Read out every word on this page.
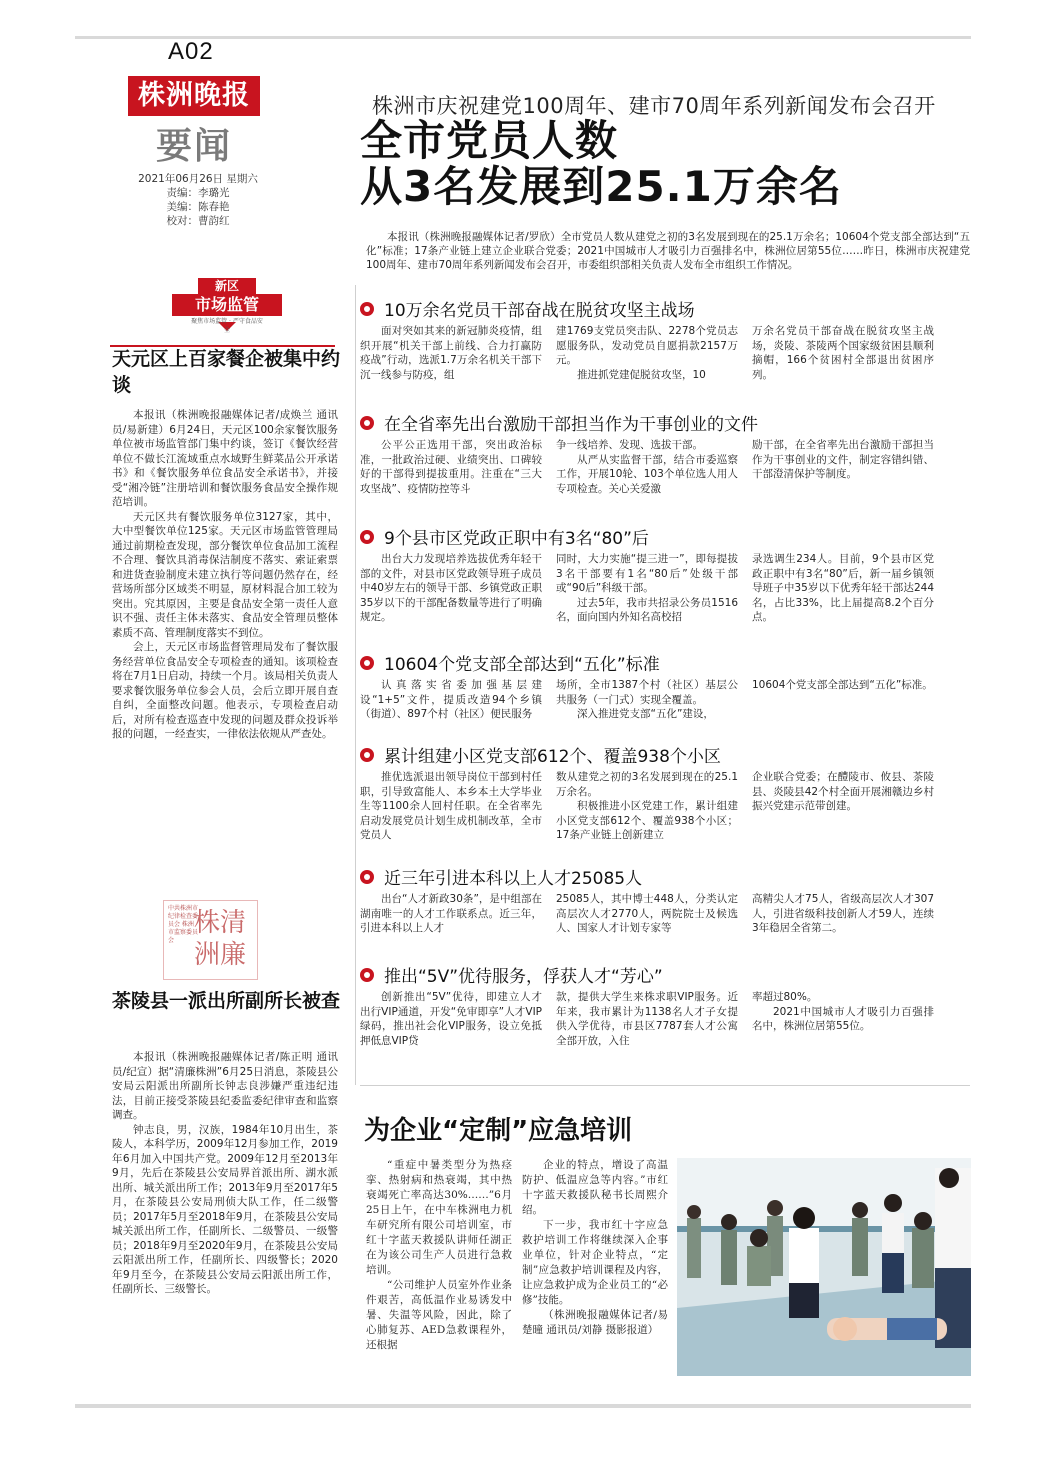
A02
株洲晚报
要闻
2021年06月26日 星期六
责编：李璐光
美编：陈春艳
校对：曹韵红
株洲市庆祝建党100周年、建市70周年系列新闻发布会召开
全市党员人数
从3名发展到25.1万余名
本报讯（株洲晚报融媒体记者/罗欣）全市党员人数从建党之初的3名发展到现在的25.1万余名；10604个党支部全部达到“五化”标准；17条产业链上建立企业联合党委；2021中国城市人才吸引力百强排名中，株洲位居第55位……昨日，株洲市庆祝建党100周年、建市70周年系列新闻发布会召开，市委组织部相关负责人发布全市组织工作情况。
10万余名党员干部奋战在脱贫攻坚主战场
面对突如其来的新冠肺炎疫情，组织开展“机关干部上前线、合力打赢防疫战”行动，选派1.7万余名机关干部下沉一线参与防疫，组
建1769支党员突击队、2278个党员志愿服务队，发动党员自愿捐款2157万元。
推进抓党建促脱贫攻坚，10
万余名党员干部奋战在脱贫攻坚主战场，炎陵、茶陵两个国家级贫困县顺利摘帽，166个贫困村全部退出贫困序列。
在全省率先出台激励干部担当作为干事创业的文件
公平公正选用干部，突出政治标准，一批政治过硬、业绩突出、口碑较好的干部得到提拔重用。注重在“三大攻坚战”、疫情防控等斗
争一线培养、发现、选拔干部。
从严从实监督干部，结合市委巡察工作，开展10轮、103个单位选人用人专项检查。关心关爱激
励干部，在全省率先出台激励干部担当作为干事创业的文件，制定容错纠错、干部澄清保护等制度。
9个县市区党政正职中有3名“80”后
出台大力发现培养选拔优秀年轻干部的文件，对县市区党政领导班子成员中40岁左右的领导干部、乡镇党政正职35岁以下的干部配备数量等进行了明确规定。
同时，大力实施“提三进一”，即每提拔3名干部要有1名“80后”处级干部或“90后”科级干部。
过去5年，我市共招录公务员1516名，面向国内外知名高校招
录选调生234人。目前，9个县市区党政正职中有3名“80”后，新一届乡镇领导班子中35岁以下优秀年轻干部达244名，占比33%，比上届提高8.2个百分点。
10604个党支部全部达到“五化”标准
认真落实省委加强基层建设“1+5”文件，提质改造94个乡镇（街道）、897个村（社区）便民服务
场所，全市1387个村（社区）基层公共服务（一门式）实现全覆盖。
深入推进党支部“五化”建设，
10604个党支部全部达到“五化”标准。
累计组建小区党支部612个、覆盖938个小区
推优选派退出领导岗位干部到村任职，引导致富能人、本乡本土大学毕业生等1100余人回村任职。在全省率先启动发展党员计划生成机制改革，全市党员人
数从建党之初的3名发展到现在的25.1万余名。
积极推进小区党建工作，累计组建小区党支部612个、覆盖938个小区；17条产业链上创新建立
企业联合党委；在醴陵市、攸县、茶陵县、炎陵县42个村全面开展湘赣边乡村振兴党建示范带创建。
近三年引进本科以上人才25085人
出台“人才新政30条”，是中组部在湖南唯一的人才工作联系点。近三年，引进本科以上人才
25085人，其中博士448人，分类认定高层次人才2770人，两院院士及候选人、国家人才计划专家等
高精尖人才75人，省级高层次人才307人，引进省级科技创新人才59人，连续3年稳居全省第二。
推出“5V”优待服务，俘获人才“芳心”
创新推出“5V”优待，即建立人才出行VIP通道，开发“免审即享”人才VIP绿码，推出社会化VIP服务，设立免抵押低息VIP贷
款，提供大学生来株求职VIP服务。近年来，我市累计为1138名人才子女提供入学优待，市县区7787套人才公寓全部开放，入住
率超过80%。
2021中国城市人才吸引力百强排名中，株洲位居第55位。
新区
市场监管
聚焦市场监管 · 严守食品安全
天元区上百家餐企被集中约谈

本报讯（株洲晚报融媒体记者/成焕兰 通讯员/易新建）6月24日，天元区100余家餐饮服务单位被市场监管部门集中约谈，签订《餐饮经营单位不做长江流域重点水域野生鲜菜品公开承诺书》和《餐饮服务单位食品安全承诺书》，并接受“湘冷链”注册培训和餐饮服务食品安全操作规范培训。

天元区共有餐饮服务单位3127家，其中，大中型餐饮单位125家。天元区市场监管管理局通过前期检查发现，部分餐饮单位食品加工流程不合理、餐饮具消毒保洁制度不落实、索证索票和进货查验制度未建立执行等问题仍然存在，经营场所部分区域类不明显，原材料混合加工较为突出。究其原因，主要是食品安全第一责任人意识不强、责任主体未落实、食品安全管理员整体素质不高、管理制度落实不到位。

会上，天元区市场监督管理局发布了餐饮服务经营单位食品安全专项检查的通知。该项检查将在7月1日启动，持续一个月。该局相关负责人要求餐饮服务单位参会人员，会后立即开展自查自纠，全面整改问题。他表示，专项检查启动后，对所有检查巡查中发现的问题及群众投诉举报的问题，一经查实，一律依法依规从严查处。

中共株洲市纪律检查委员会 株洲市监察委员会
株清
洲廉
茶陵县一派出所副所长被查

本报讯（株洲晚报融媒体记者/陈正明 通讯员/纪宣）据“清廉株洲”6月25日消息，茶陵县公安局云阳派出所副所长钟志良涉嫌严重违纪违法，目前正接受茶陵县纪委监委纪律审查和监察调查。

钟志良，男，汉族，1984年10月出生，茶陵人，本科学历，2009年12月参加工作，2019年6月加入中国共产党。2009年12月至2013年9月，先后在茶陵县公安局界首派出所、湖水派出所、城关派出所工作；2013年9月至2017年5月，在茶陵县公安局刑侦大队工作，任二级警员；2017年5月至2018年9月，在茶陵县公安局城关派出所工作，任副所长、二级警员、一级警员；2018年9月至2020年9月，在茶陵县公安局云阳派出所工作，任副所长、四级警长；2020年9月至今，在茶陵县公安局云阳派出所工作，任副所长、三级警长。

为企业“定制”应急培训

“重症中暑类型分为热痉挛、热射病和热衰竭，其中热衰竭死亡率高达30%……”6月25日上午，在中车株洲电力机车研究所有限公司培训室，市红十字蓝天救援队讲师任湖正在为该公司生产人员进行急救培训。

“公司维护人员室外作业条件艰苦，高低温作业易诱发中暑、失温等风险，因此，除了心肺复苏、AED急救课程外，还根据

企业的特点，增设了高温防护、低温应急等内容。”市红十字蓝天救援队秘书长周熙介绍。

下一步，我市红十字应急救护培训工作将继续深入企事业单位，针对企业特点，“定制”应急救护培训课程及内容，让应急救护成为企业员工的“必修”技能。

（株洲晚报融媒体记者/易楚曈 通讯员/刘静 摄影报道）
